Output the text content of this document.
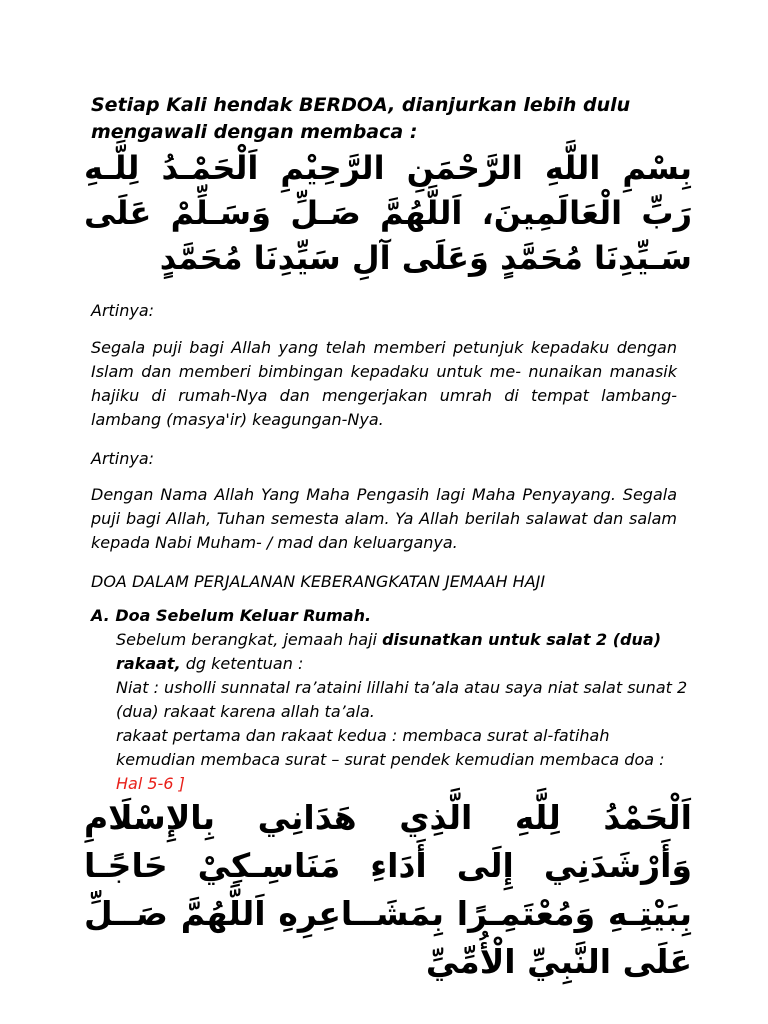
Setiap Kali hendak BERDOA, dianjurkan lebih dulu mengawali dengan membaca :

بِسْمِ اللَّهِ الرَّحْمَنِ الرَّحِيْمِ اَلْحَمْـدُ لِلَّـهِ رَبِّ الْعَالَمِينَ، اَللَّهُمَّ صَـلِّ وَسَـلِّمْ عَلَى سَـيِّدِنَا مُحَمَّدٍ وَعَلَى آلِ سَيِّدِنَا مُحَمَّدٍ

Artinya:

Segala puji bagi Allah yang telah memberi petunjuk kepadaku dengan Islam dan memberi bimbingan kepadaku untuk me- nunaikan manasik hajiku di rumah-Nya dan mengerjakan umrah di tempat lambang- lambang (masya'ir) keagungan-Nya.

Artinya:

Dengan Nama Allah Yang Maha Pengasih lagi Maha Penyayang. Segala puji bagi Allah, Tuhan semesta alam. Ya Allah berilah salawat dan salam kepada Nabi Muham- / mad dan keluarganya.

DOA DALAM PERJALANAN KEBERANGKATAN JEMAAH HAJI

A. Doa Sebelum Keluar Rumah.
Sebelum berangkat, jemaah haji disunatkan untuk salat 2 (dua) rakaat, dg ketentuan :
Niat : usholli sunnatal ra’ataini lillahi ta’ala atau saya niat salat sunat 2 (dua) rakaat karena allah ta’ala.
rakaat pertama dan rakaat kedua : membaca surat al-fatihah kemudian membaca surat – surat pendek kemudian membaca doa : Hal 5-6 ]

اَلْحَمْدُ لِلَّهِ الَّذِي هَدَانِي بِالإِسْلَامِ وَأَرْشَدَنِي إِلَى أَدَاءِ مَنَاسِـكِيْ حَاجًـا بِبَيْتِـهِ وَمُعْتَمِـرًا بِمَشَــاعِرِهِ اَللَّهُمَّ صَــلِّ عَلَى النَّبِيِّ الْأُمِّيِّ
